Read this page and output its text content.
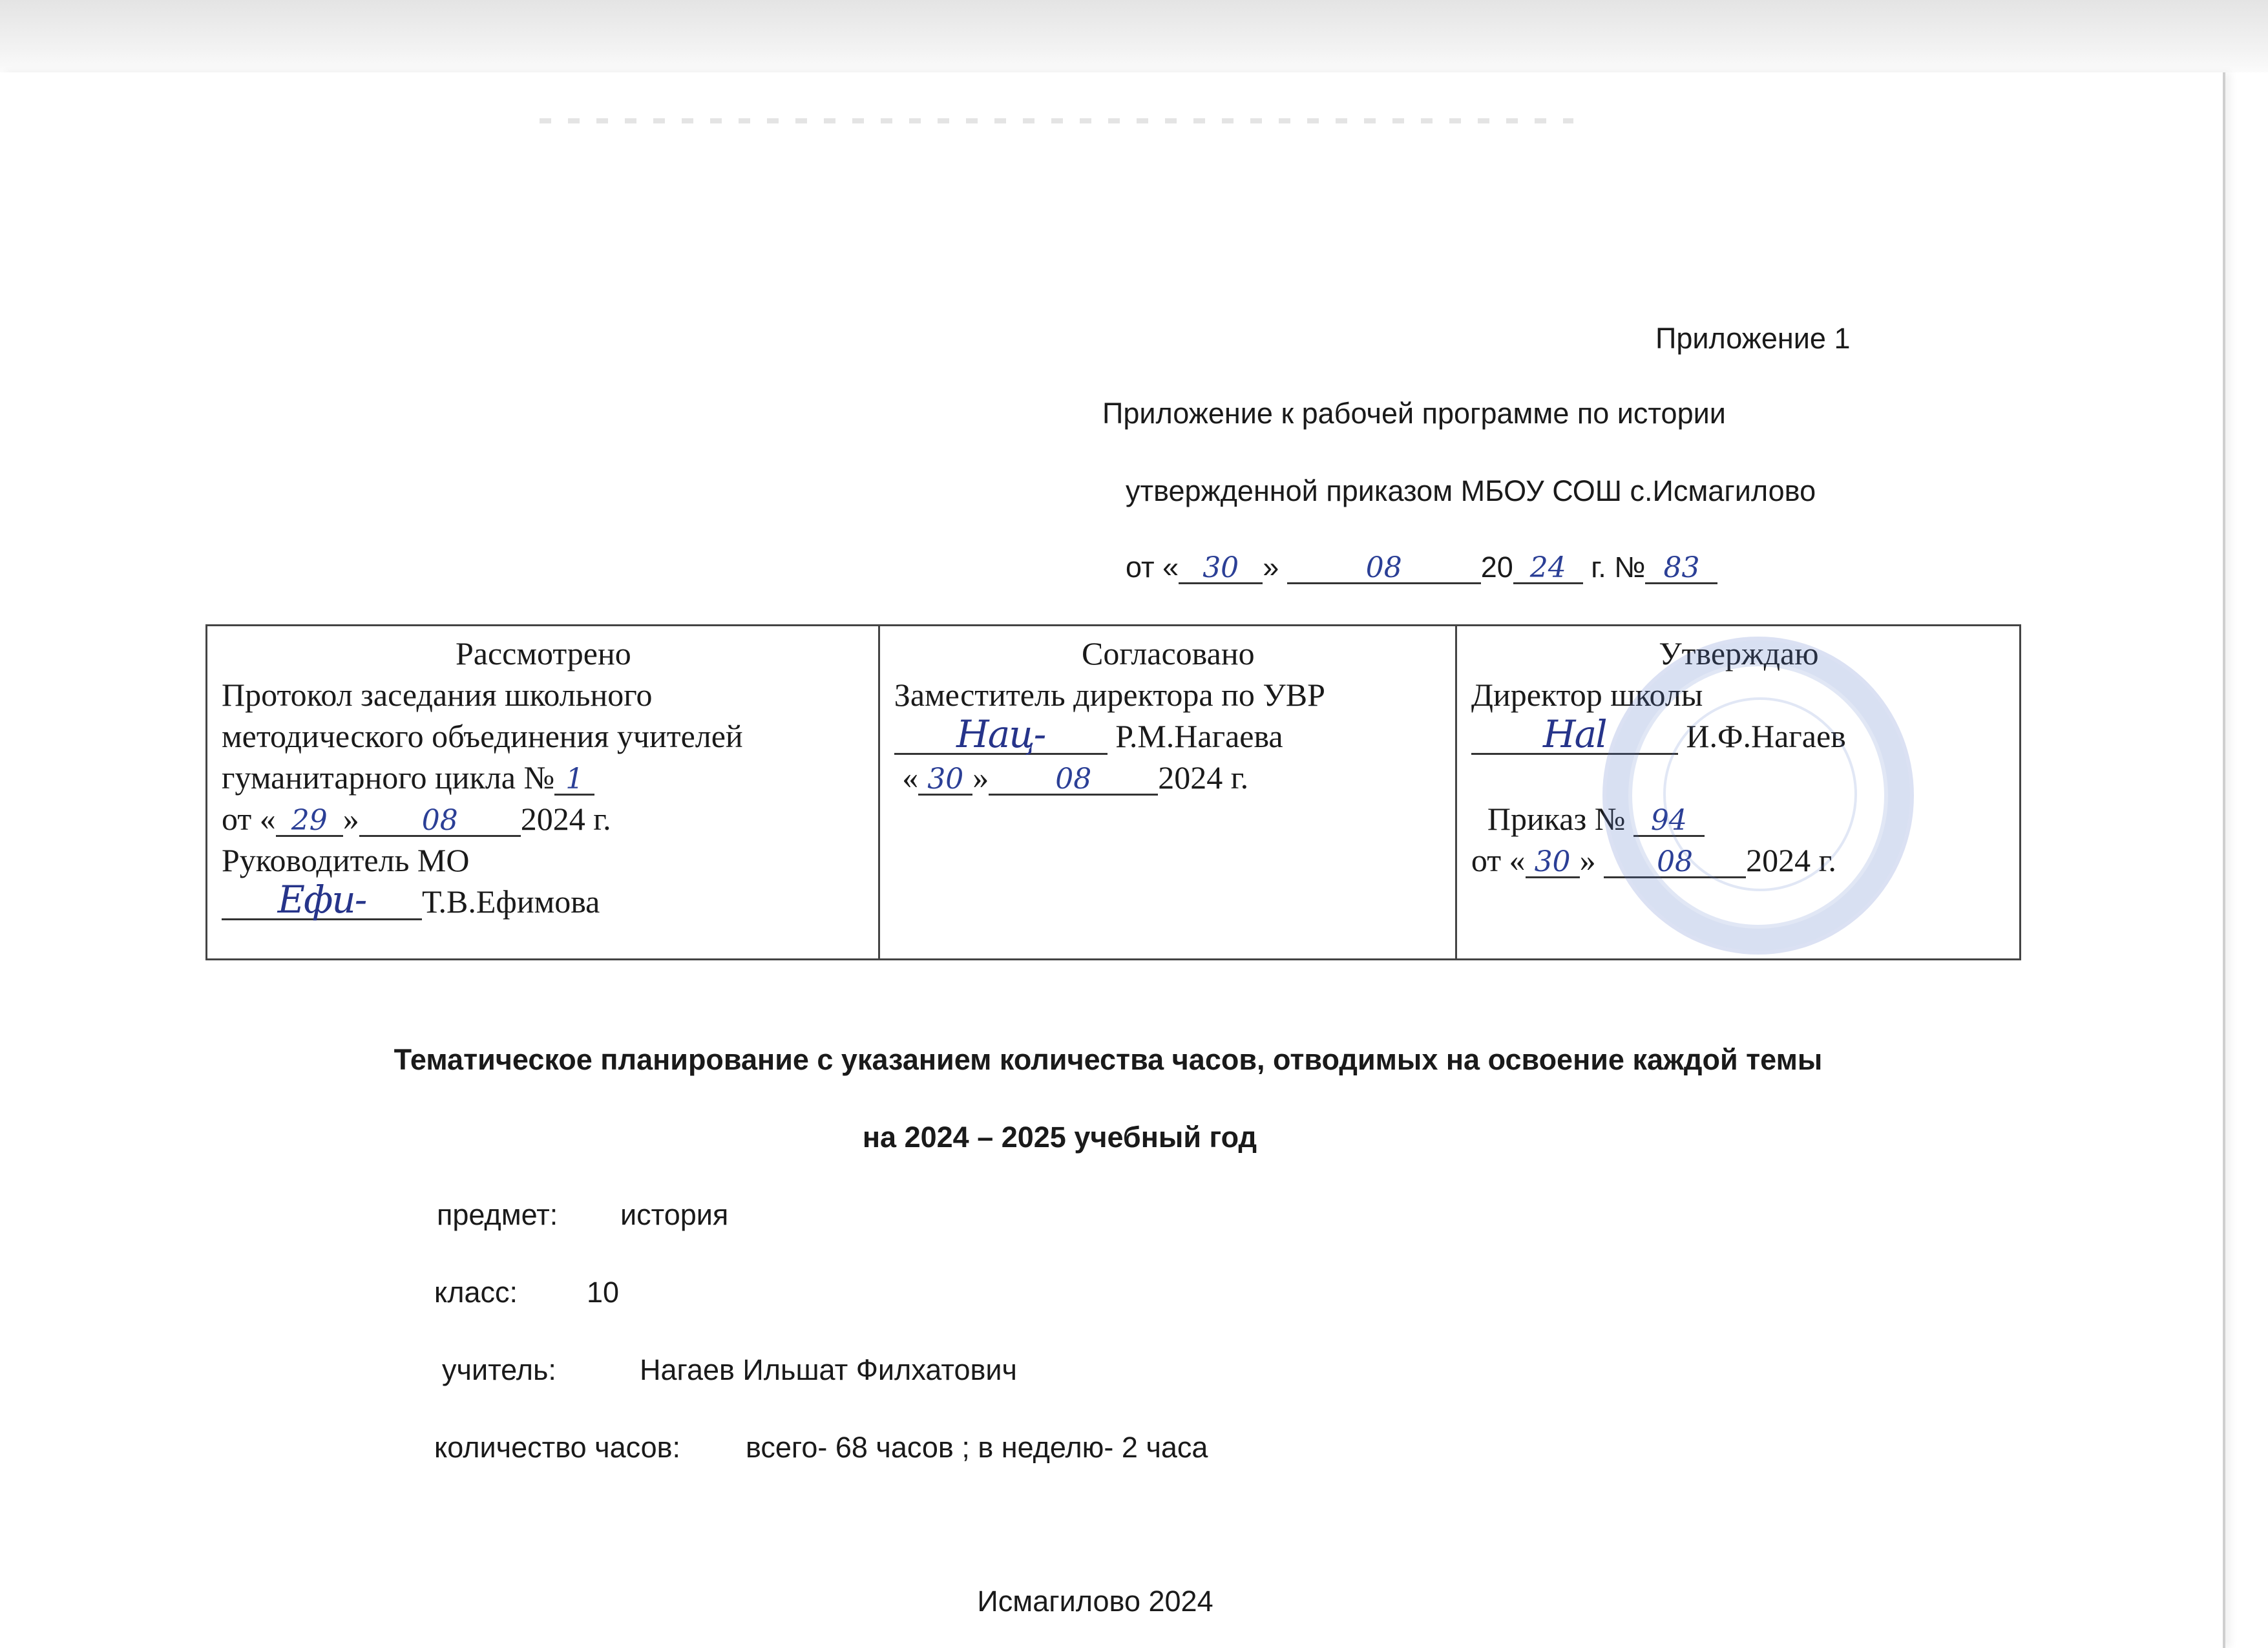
Приложение 1
Приложение к рабочей программе по истории
утвержденной приказом МБОУ СОШ с.Исмагилово
от « 30 »	08	20 24 г. № 83
Рассмотрено
Протокол заседания школьного
методического объединения учителей
гуманитарного цикла № 1
от « 29 » 08 2024 г.
Руководитель МО
Eфu- Т.В.Ефимова
Согласовано
Заместитель директора по УВР
Нац- Р.М.Нагаева
« 30 » 08 2024 г.
Утверждаю
Директор школы
Наl И.Ф.Нагаев
Приказ № 94
от « 30 » 08 2024 г.
Тематическое планирование с указанием количества часов, отводимых на освоение каждой темы
на 2024 – 2025 учебный год
предмет: история
класс: 10
учитель:	Нагаев Ильшат Филхатович
количество часов: всего- 68 часов ; в неделю- 2 часа
Исмагилово 2024
